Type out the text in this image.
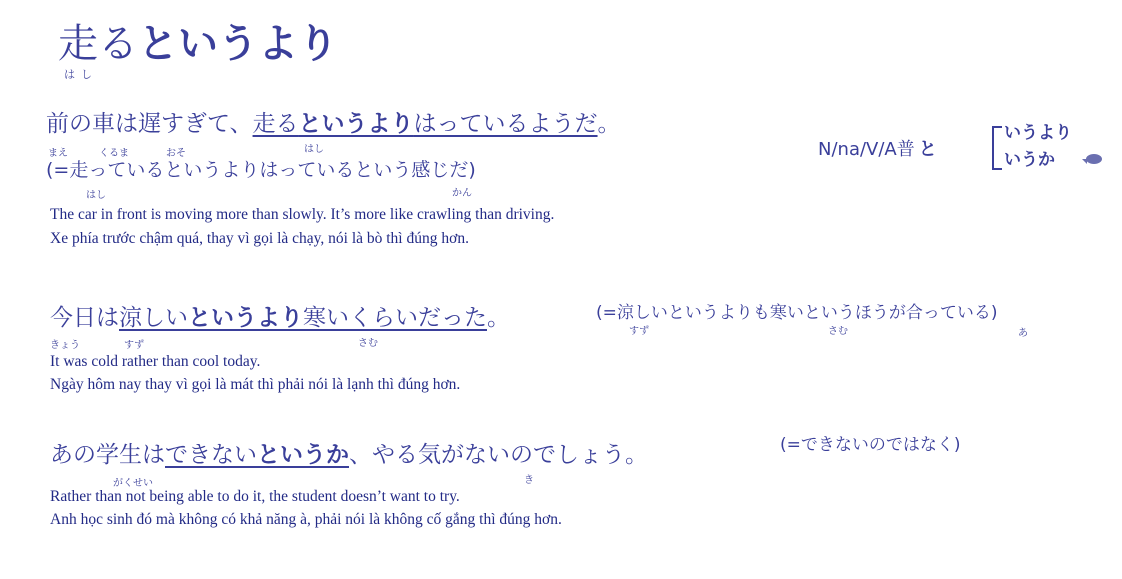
走るというより
はし
N/na/V/A普 と
いうより
いうか
前の車は遅すぎて、走るというよりはっているようだ。
まえ	くるま	おそ	はし
(=走っているというよりはっているという感じだ)
はし	かん
The car in front is moving more than slowly. It’s more like crawling than driving.
Xe phía trước chậm quá, thay vì gọi là chạy, nói là bò thì đúng hơn.
今日は涼しいというより寒いくらいだった。	(=涼しいというよりも寒いというほうが合っている)
きょう	すず	さむ
すず	さむ	あ
It was cold rather than cool today.
Ngày hôm nay thay vì gọi là mát thì phải nói là lạnh thì đúng hơn.
あの学生はできないというか、やる気がないのでしょう。	(=できないのではなく)
がくせい	き
Rather than not being able to do it, the student doesn’t want to try.
Anh học sinh đó mà không có khả năng à, phải nói là không cố gắng thì đúng hơn.
